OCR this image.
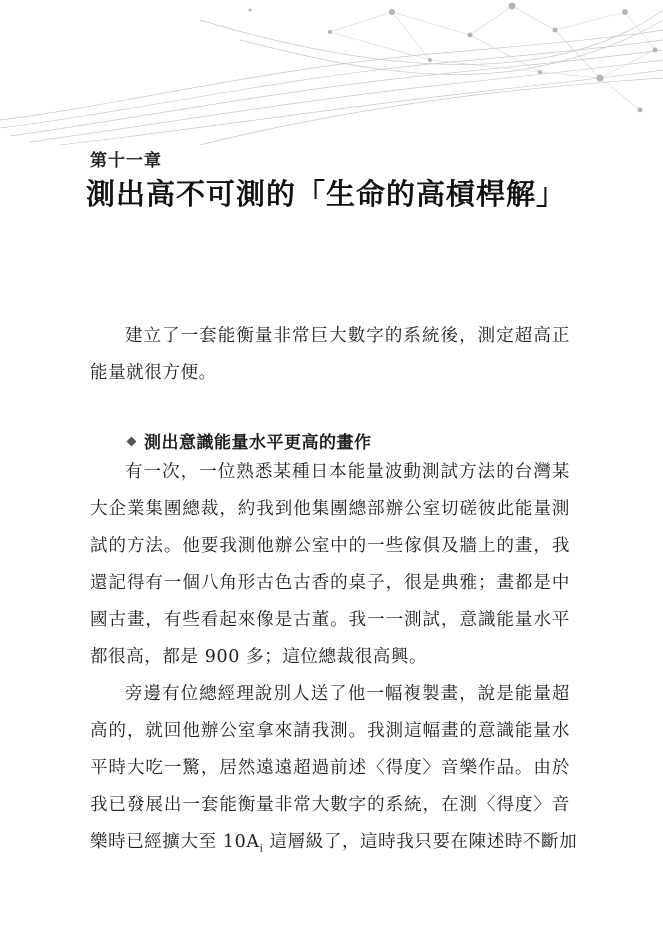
第十一章
測出高不可測的「生命的高槓桿解」
建立了一套能衡量非常巨大數字的系統後，測定超高正
能量就很方便。
測出意識能量水平更高的畫作
有一次，一位熟悉某種日本能量波動測試方法的台灣某
大企業集團總裁，約我到他集團總部辦公室切磋彼此能量測
試的方法。他要我測他辦公室中的一些傢俱及牆上的畫，我
還記得有一個八角形古色古香的桌子，很是典雅；畫都是中
國古畫，有些看起來像是古董。我一一測試，意識能量水平
都很高，都是 900 多；這位總裁很高興。
旁邊有位總經理說別人送了他一幅複製畫，說是能量超
高的，就回他辦公室拿來請我測。我測這幅畫的意識能量水
平時大吃一驚，居然遠遠超過前述〈得度〉音樂作品。由於
我已發展出一套能衡量非常大數字的系統，在測〈得度〉音
樂時已經擴大至 $10A_i$ 這層級了，這時我只要在陳述時不斷加
